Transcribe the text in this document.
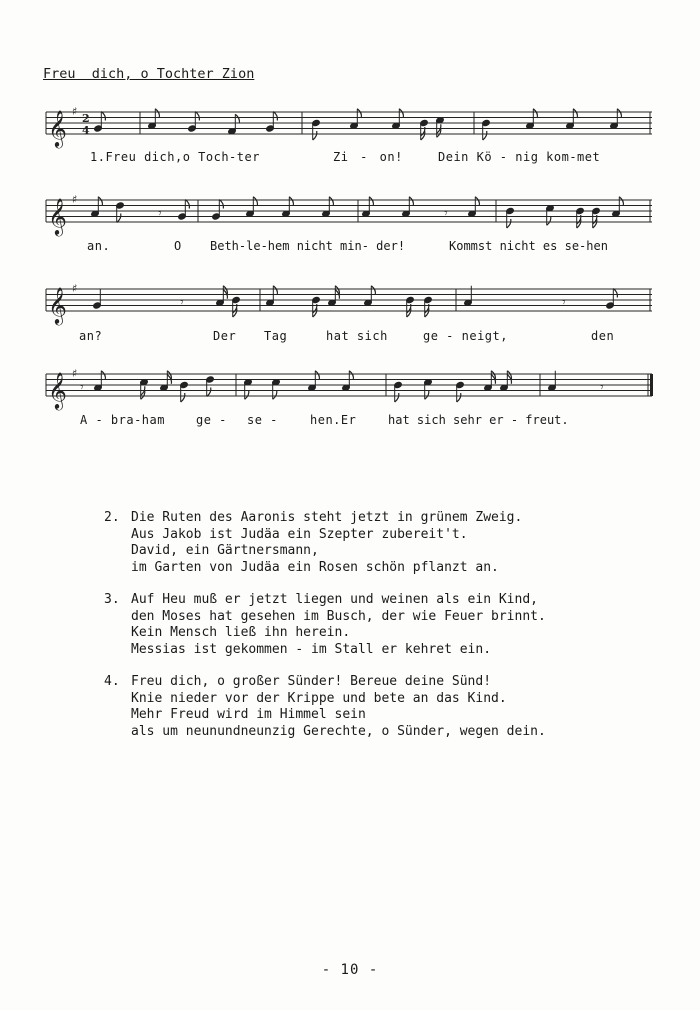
Freu  dich, o Tochter Zion
𝄞 ♯
2
4
1.Freu dich,o Toch-ter	Zi - on!	Dein Kö - nig kom-met
𝄞 ♯
𝄾	𝄾
an.	O Beth-le-hem nicht min- der!	Kommst nicht es se-hen
𝄞 ♯
𝄾	𝄾
an?	Der Tag	hat sich	ge - neigt,	den
𝄞 ♯
𝄾	𝄾
A - bra-ham	ge - se -	hen.Er	hat sich sehr er - freut.
2. Die Ruten des Aaronis steht jetzt in grünem Zweig.
Aus Jakob ist Judäa ein Szepter zubereit't.
David, ein Gärtnersmann,
im Garten von Judäa ein Rosen schön pflanzt an.
3. Auf Heu muß er jetzt liegen und weinen als ein Kind,
den Moses hat gesehen im Busch, der wie Feuer brinnt.
Kein Mensch ließ ihn herein.
Messias ist gekommen - im Stall er kehret ein.
4. Freu dich, o großer Sünder! Bereue deine Sünd!
Knie nieder vor der Krippe und bete an das Kind.
Mehr Freud wird im Himmel sein
als um neunundneunzig Gerechte, o Sünder, wegen dein.
- 10 -
